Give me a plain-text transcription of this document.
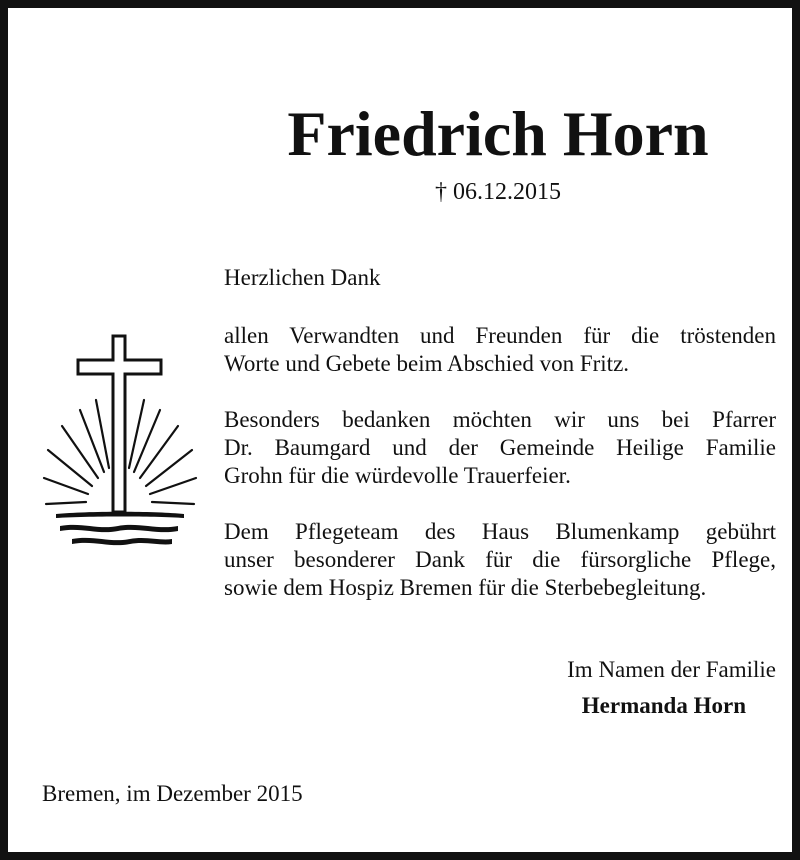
Friedrich Horn
† 06.12.2015
Herzlichen Dank
allen Verwandten und Freunden für die tröstenden
Worte und Gebete beim Abschied von Fritz.
Besonders bedanken möchten wir uns bei Pfarrer
Dr. Baumgard und der Gemeinde Heilige Familie
Grohn für die würdevolle Trauerfeier.
Dem Pflegeteam des Haus Blumenkamp gebührt
unser besonderer Dank für die fürsorgliche Pflege,
sowie dem Hospiz Bremen für die Sterbebegleitung.
Im Namen der Familie
Hermanda Horn
Bremen, im Dezember 2015
